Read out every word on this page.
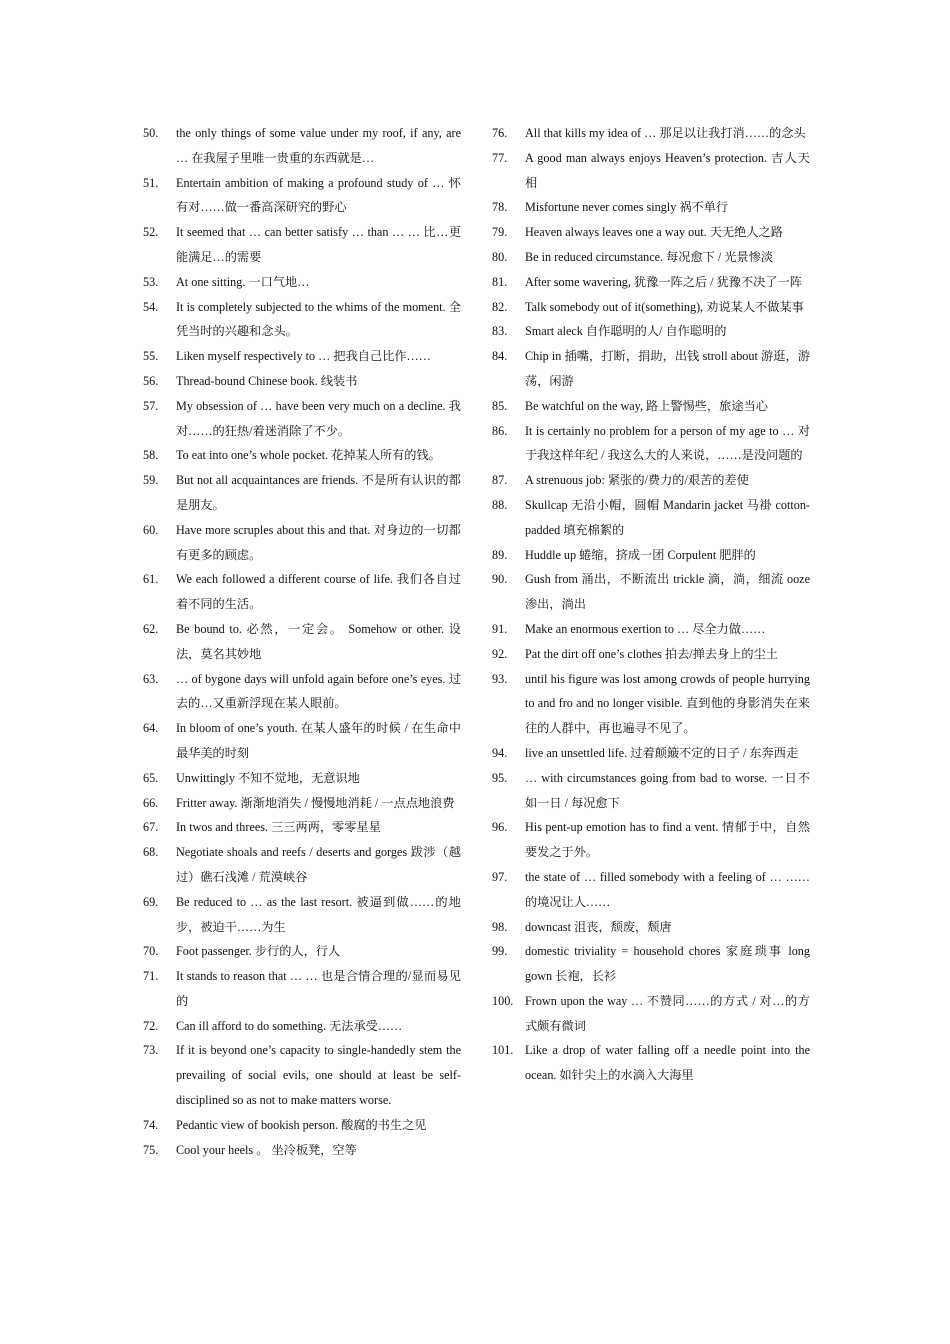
50.	the only things of some value under my roof, if any, are … 在我屋子里唯一贵重的东西就是…
51.	Entertain ambition of making a profound study of … 怀有对……做一番高深研究的野心
52.	It seemed that … can better satisfy … than … … 比…更能满足…的需要
53.	At one sitting. 一口气地…
54.	It is completely subjected to the whims of the moment. 全凭当时的兴趣和念头。
55.	Liken myself respectively to … 把我自己比作……
56.	Thread-bound Chinese book. 线装书
57.	My obsession of … have been very much on a decline. 我对……的狂热/着迷消除了不少。
58.	To eat into one’s whole pocket. 花掉某人所有的钱。
59.	But not all acquaintances are friends. 不是所有认识的都是朋友。
60.	Have more scruples about this and that. 对身边的一切都有更多的顾虑。
61.	We each followed a different course of life. 我们各自过着不同的生活。
62.	Be bound to. 必然，一定会。 Somehow or other. 设法，莫名其妙地
63.	… of bygone days will unfold again before one’s eyes. 过去的…又重新浮现在某人眼前。
64.	In bloom of one’s youth. 在某人盛年的时候 / 在生命中最华美的时刻
65.	Unwittingly 不知不觉地，无意识地
66.	Fritter away. 渐渐地消失 / 慢慢地消耗 / 一点点地浪费
67.	In twos and threes. 三三两两，零零星星
68.	Negotiate shoals and reefs / deserts and gorges 跋涉（越过）礁石浅滩 / 荒漠峡谷
69.	Be reduced to … as the last resort. 被逼到做……的地步，被迫干……为生
70.	Foot passenger. 步行的人，行人
71.	It stands to reason that … … 也是合情合理的/显而易见的
72.	Can ill afford to do something. 无法承受……
73.	If it is beyond one’s capacity to single-handedly stem the prevailing of social evils, one should at least be self-disciplined so as not to make matters worse.
74.	Pedantic view of bookish person. 酸腐的书生之见
75.	Cool your heels 。 坐冷板凳，空等
76.	All that kills my idea of … 那足以让我打消……的念头
77.	A good man always enjoys Heaven’s protection. 吉人天相
78.	Misfortune never comes singly 祸不单行
79.	Heaven always leaves one a way out. 天无绝人之路
80.	Be in reduced circumstance. 每况愈下 / 光景惨淡
81.	After some wavering, 犹豫一阵之后 / 犹豫不决了一阵
82.	Talk somebody out of it(something), 劝说某人不做某事
83.	Smart aleck 自作聪明的人/ 自作聪明的
84.	Chip in 插嘴，打断，捐助，出钱 stroll about 游逛，游荡，闲游
85.	Be watchful on the way, 路上警惕些，旅途当心
86.	It is certainly no problem for a person of my age to … 对于我这样年纪 / 我这么大的人来说，……是没问题的
87.	A strenuous job: 紧张的/费力的/艰苦的差使
88.	Skullcap 无沿小帽，圆帽 Mandarin jacket 马褂 cotton-padded 填充棉絮的
89.	Huddle up 蜷缩，挤成一团 Corpulent 肥胖的
90.	Gush from 涌出，不断流出 trickle 滴，淌，细流 ooze 渗出，淌出
91.	Make an enormous exertion to … 尽全力做……
92.	Pat the dirt off one’s clothes 拍去/掸去身上的尘土
93.	until his figure was lost among crowds of people hurrying to and fro and no longer visible. 直到他的身影消失在来往的人群中，再也遍寻不见了。
94.	live an unsettled life. 过着颠簸不定的日子 / 东奔西走
95.	… with circumstances going from bad to worse. 一日不如一日 / 每况愈下
96.	His pent-up emotion has to find a vent. 情郁于中，自然要发之于外。
97.	the state of … filled somebody with a feeling of … …… 的境况让人……
98.	downcast 沮丧，颓废，颓唐
99.	domestic triviality = household chores 家庭琐事 long gown 长袍，长衫
100. Frown upon the way … 不赞同……的方式 / 对…的方式颇有微词
101. Like a drop of water falling off a needle point into the ocean. 如针尖上的水滴入大海里
